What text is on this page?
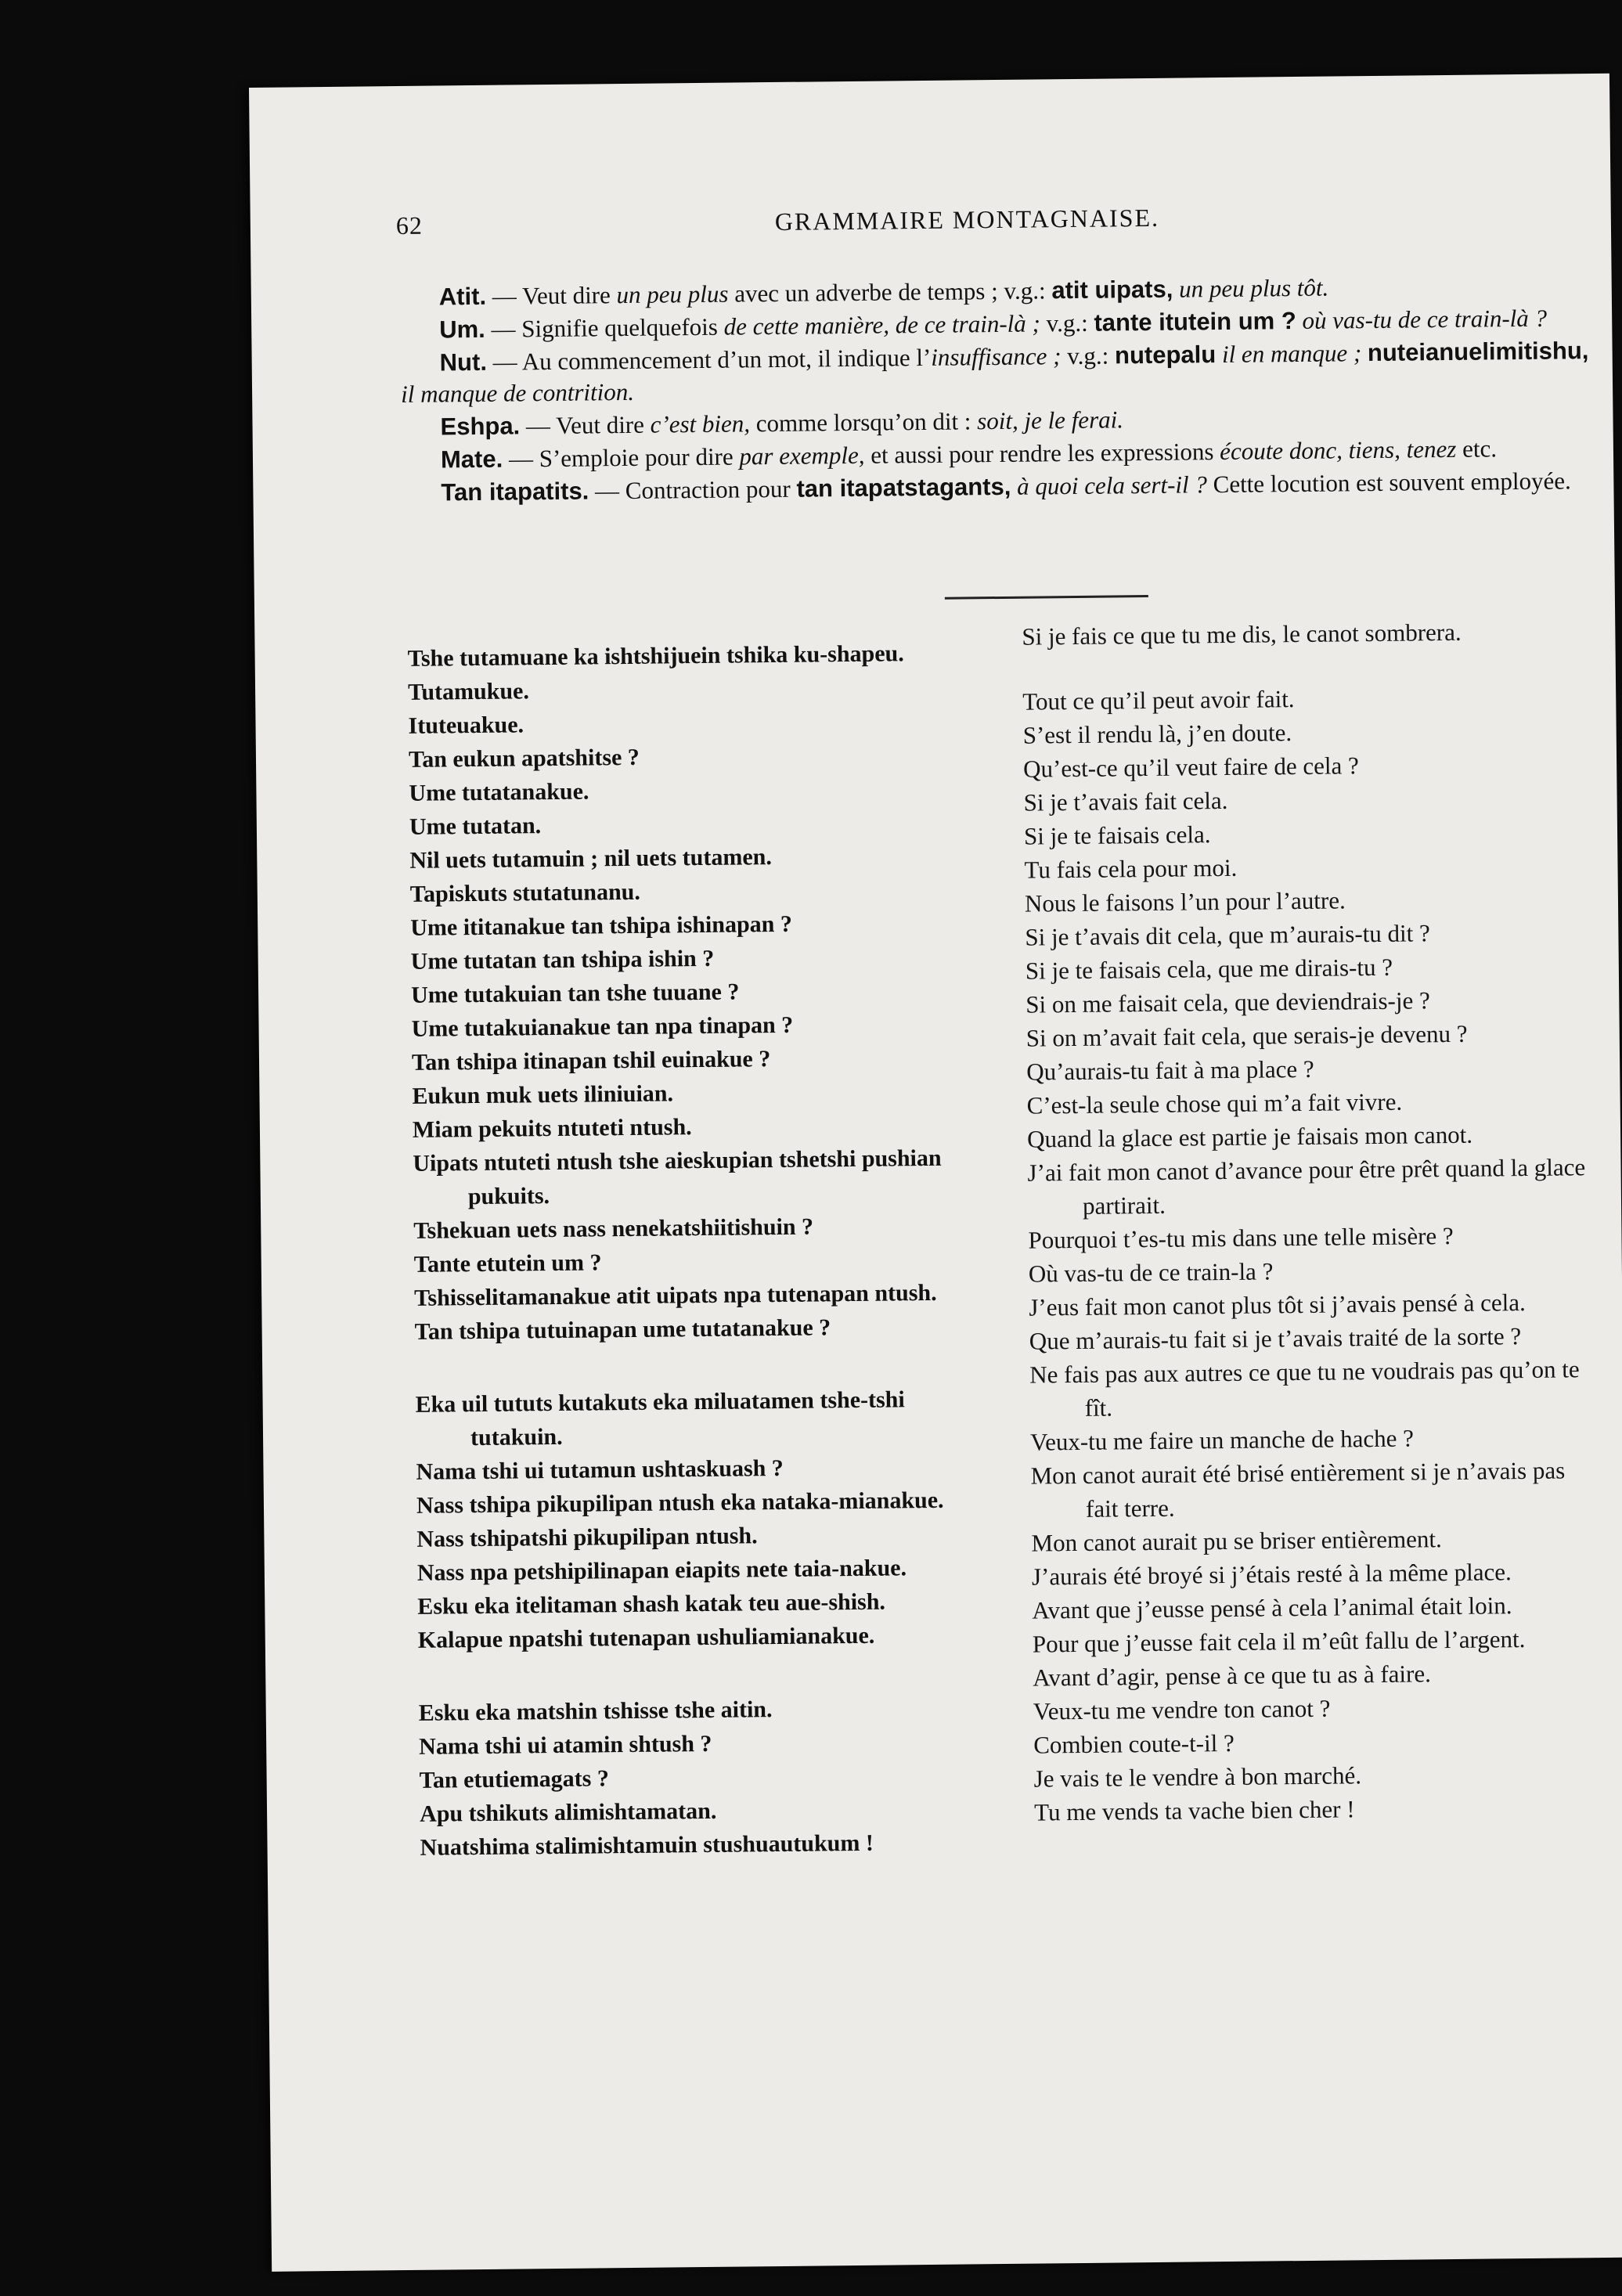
62	GRAMMAIRE MONTAGNAISE.

Atit. — Veut dire un peu plus avec un adverbe de temps ; v.g.: atit uipats, un peu plus tôt.

Um. — Signifie quelquefois de cette manière, de ce train-là ; v.g.: tante itutein um ? où vas-tu de ce train-là ?

Nut. — Au commencement d’un mot, il indique l’insuffisance ; v.g.: nutepalu il en manque ; nuteianuelimitishu, il manque de contrition.

Eshpa. — Veut dire c’est bien, comme lorsqu’on dit : soit, je le ferai.

Mate. — S’emploie pour dire par exemple, et aussi pour rendre les expressions écoute donc, tiens, tenez etc.

Tan itapatits. — Contraction pour tan itapatstagants, à quoi cela sert-il ? Cette locution est souvent employée.

Tshe tutamuane ka ishtshijuein tshika ku-shapeu.
Tutamukue.
Ituteuakue.
Tan eukun apatshitse ?
Ume tutatanakue.
Ume tutatan.
Nil uets tutamuin ; nil uets tutamen.
Tapiskuts stutatunanu.
Ume ititanakue tan tshipa ishinapan ?
Ume tutatan tan tshipa ishin ?
Ume tutakuian tan tshe tuuane ?
Ume tutakuianakue tan npa tinapan ?
Tan tshipa itinapan tshil euinakue ?
Eukun muk uets iliniuian.
Miam pekuits ntuteti ntush.
Uipats ntuteti ntush tshe aieskupian tshetshi pushian pukuits.
Tshekuan uets nass nenekatshiitishuin ?
Tante etutein um ?
Tshisselitamanakue atit uipats npa tutenapan ntush.
Tan tshipa tutuinapan ume tutatanakue ?
Eka uil tututs kutakuts eka miluatamen tshe-tshi tutakuin.
Nama tshi ui tutamun ushtaskuash ?
Nass tshipa pikupilipan ntush eka nataka-mianakue.
Nass tshipatshi pikupilipan ntush.
Nass npa petshipilinapan eiapits nete taia-nakue.
Esku eka itelitaman shash katak teu aue-shish.
Kalapue npatshi tutenapan ushuliamianakue.
Esku eka matshin tshisse tshe aitin.
Nama tshi ui atamin shtush ?
Tan etutiemagats ?
Apu tshikuts alimishtamatan.
Nuatshima stalimishtamuin stushuautukum !
Si je fais ce que tu me dis, le canot sombrera.
Tout ce qu’il peut avoir fait.
S’est il rendu là, j’en doute.
Qu’est-ce qu’il veut faire de cela ?
Si je t’avais fait cela.
Si je te faisais cela.
Tu fais cela pour moi.
Nous le faisons l’un pour l’autre.
Si je t’avais dit cela, que m’aurais-tu dit ?
Si je te faisais cela, que me dirais-tu ?
Si on me faisait cela, que deviendrais-je ?
Si on m’avait fait cela, que serais-je devenu ?
Qu’aurais-tu fait à ma place ?
C’est-la seule chose qui m’a fait vivre.
Quand la glace est partie je faisais mon canot.
J’ai fait mon canot d’avance pour être prêt quand la glace partirait.
Pourquoi t’es-tu mis dans une telle misère ?
Où vas-tu de ce train-la ?
J’eus fait mon canot plus tôt si j’avais pensé à cela.
Que m’aurais-tu fait si je t’avais traité de la sorte ?
Ne fais pas aux autres ce que tu ne voudrais pas qu’on te fît.
Veux-tu me faire un manche de hache ?
Mon canot aurait été brisé entièrement si je n’avais pas fait terre.
Mon canot aurait pu se briser entièrement.
J’aurais été broyé si j’étais resté à la même place.
Avant que j’eusse pensé à cela l’animal était loin.
Pour que j’eusse fait cela il m’eût fallu de l’argent.
Avant d’agir, pense à ce que tu as à faire.
Veux-tu me vendre ton canot ?
Combien coute-t-il ?
Je vais te le vendre à bon marché.
Tu me vends ta vache bien cher !
